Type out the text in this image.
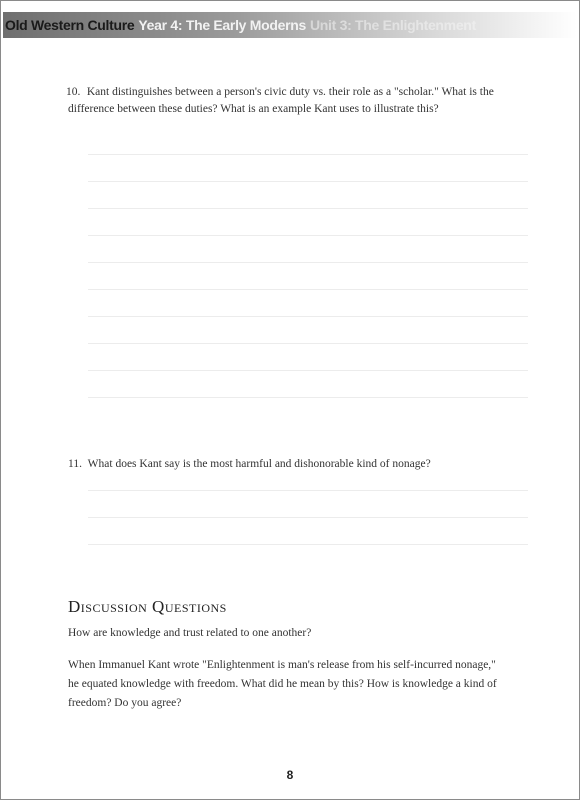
Old Western Culture Year 4: The Early Moderns Unit 3: The Enlightenment
10. Kant distinguishes between a person's civic duty vs. their role as a "scholar." What is the difference between these duties? What is an example Kant uses to illustrate this?
11. What does Kant say is the most harmful and dishonorable kind of nonage?
Discussion Questions
How are knowledge and trust related to one another?
When Immanuel Kant wrote "Enlightenment is man's release from his self-incurred nonage," he equated knowledge with freedom. What did he mean by this? How is knowledge a kind of freedom? Do you agree?
8
